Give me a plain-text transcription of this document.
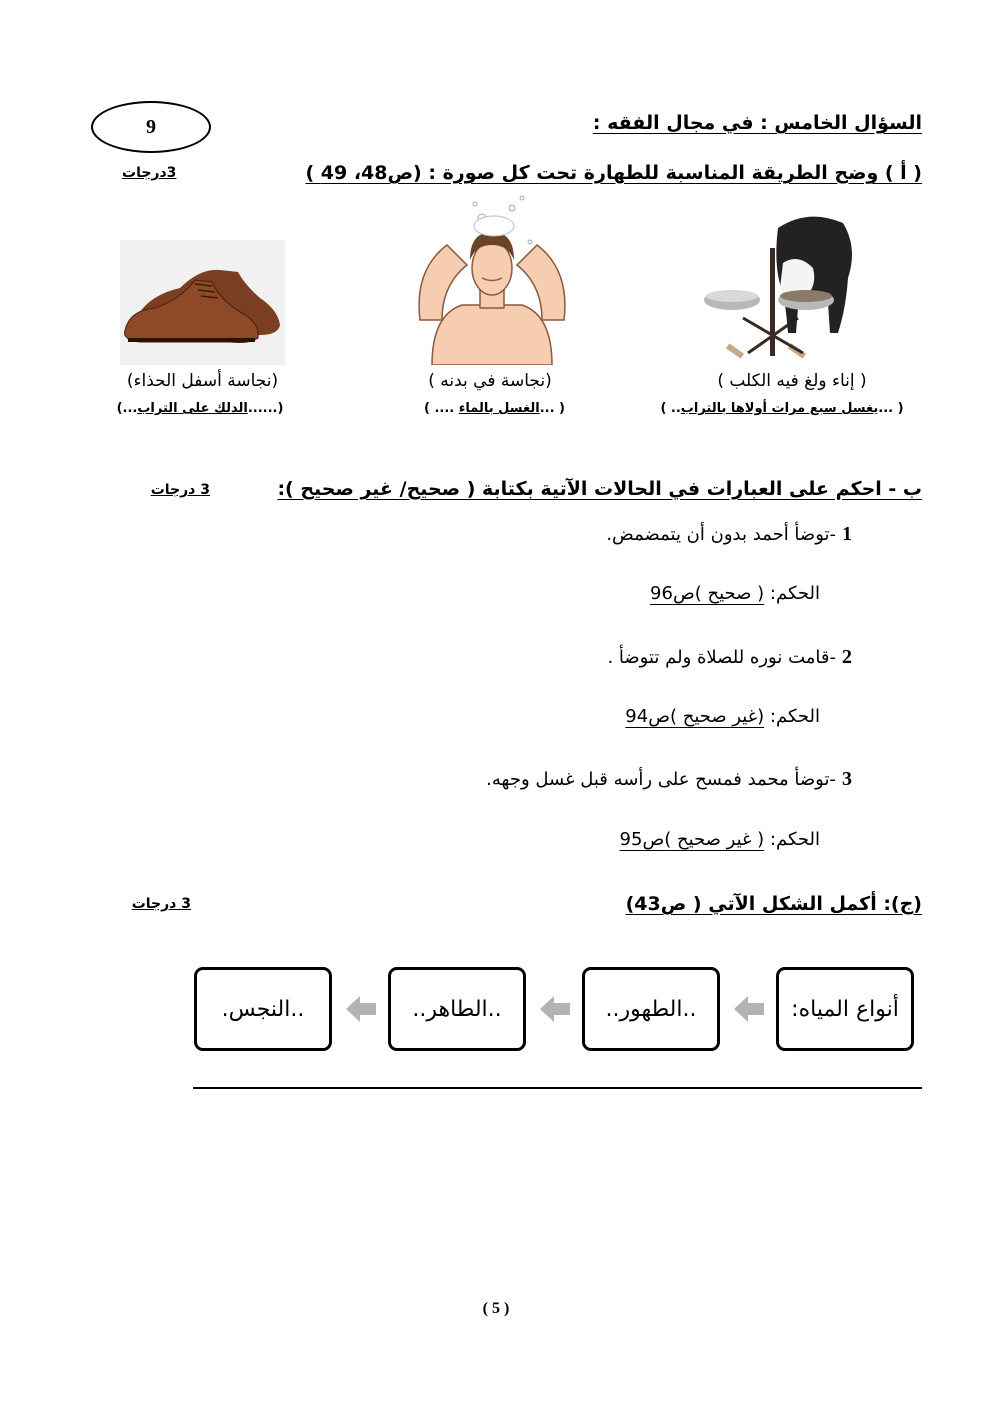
9	السؤال الخامس : في مجال الفقه :
( أ ) وضح الطريقة المناسبة للطهارة تحت كل صورة : (ص48، 49 )
3درجات
( إناء ولغ فيه الكلب )
(نجاسة في بدنه )
(نجاسة أسفل الحذاء)
( ...يغسل سبع مرات أولاها بالتراب.. )
( ...الغسل بالماء .... )
(......الدلك على التراب...)
ب - احكم على العبارات في الحالات الآتية بكتابة ( صحيح/ غير صحيح ):
3 درجات
1-توضأ أحمد بدون أن يتمضمض.
الحكم: ( صحيح )ص96
2-قامت نوره للصلاة ولم تتوضأ .
الحكم: (غير صحيح )ص94
3-توضأ محمد فمسح على رأسه قبل غسل وجهه.
الحكم: ( غير صحيح )ص95
(ج): أكمل الشكل الآتي ( ص43)
3 درجات
أنواع المياه:
..الطهور..
..الطاهر..
..النجس.
( 5 )
